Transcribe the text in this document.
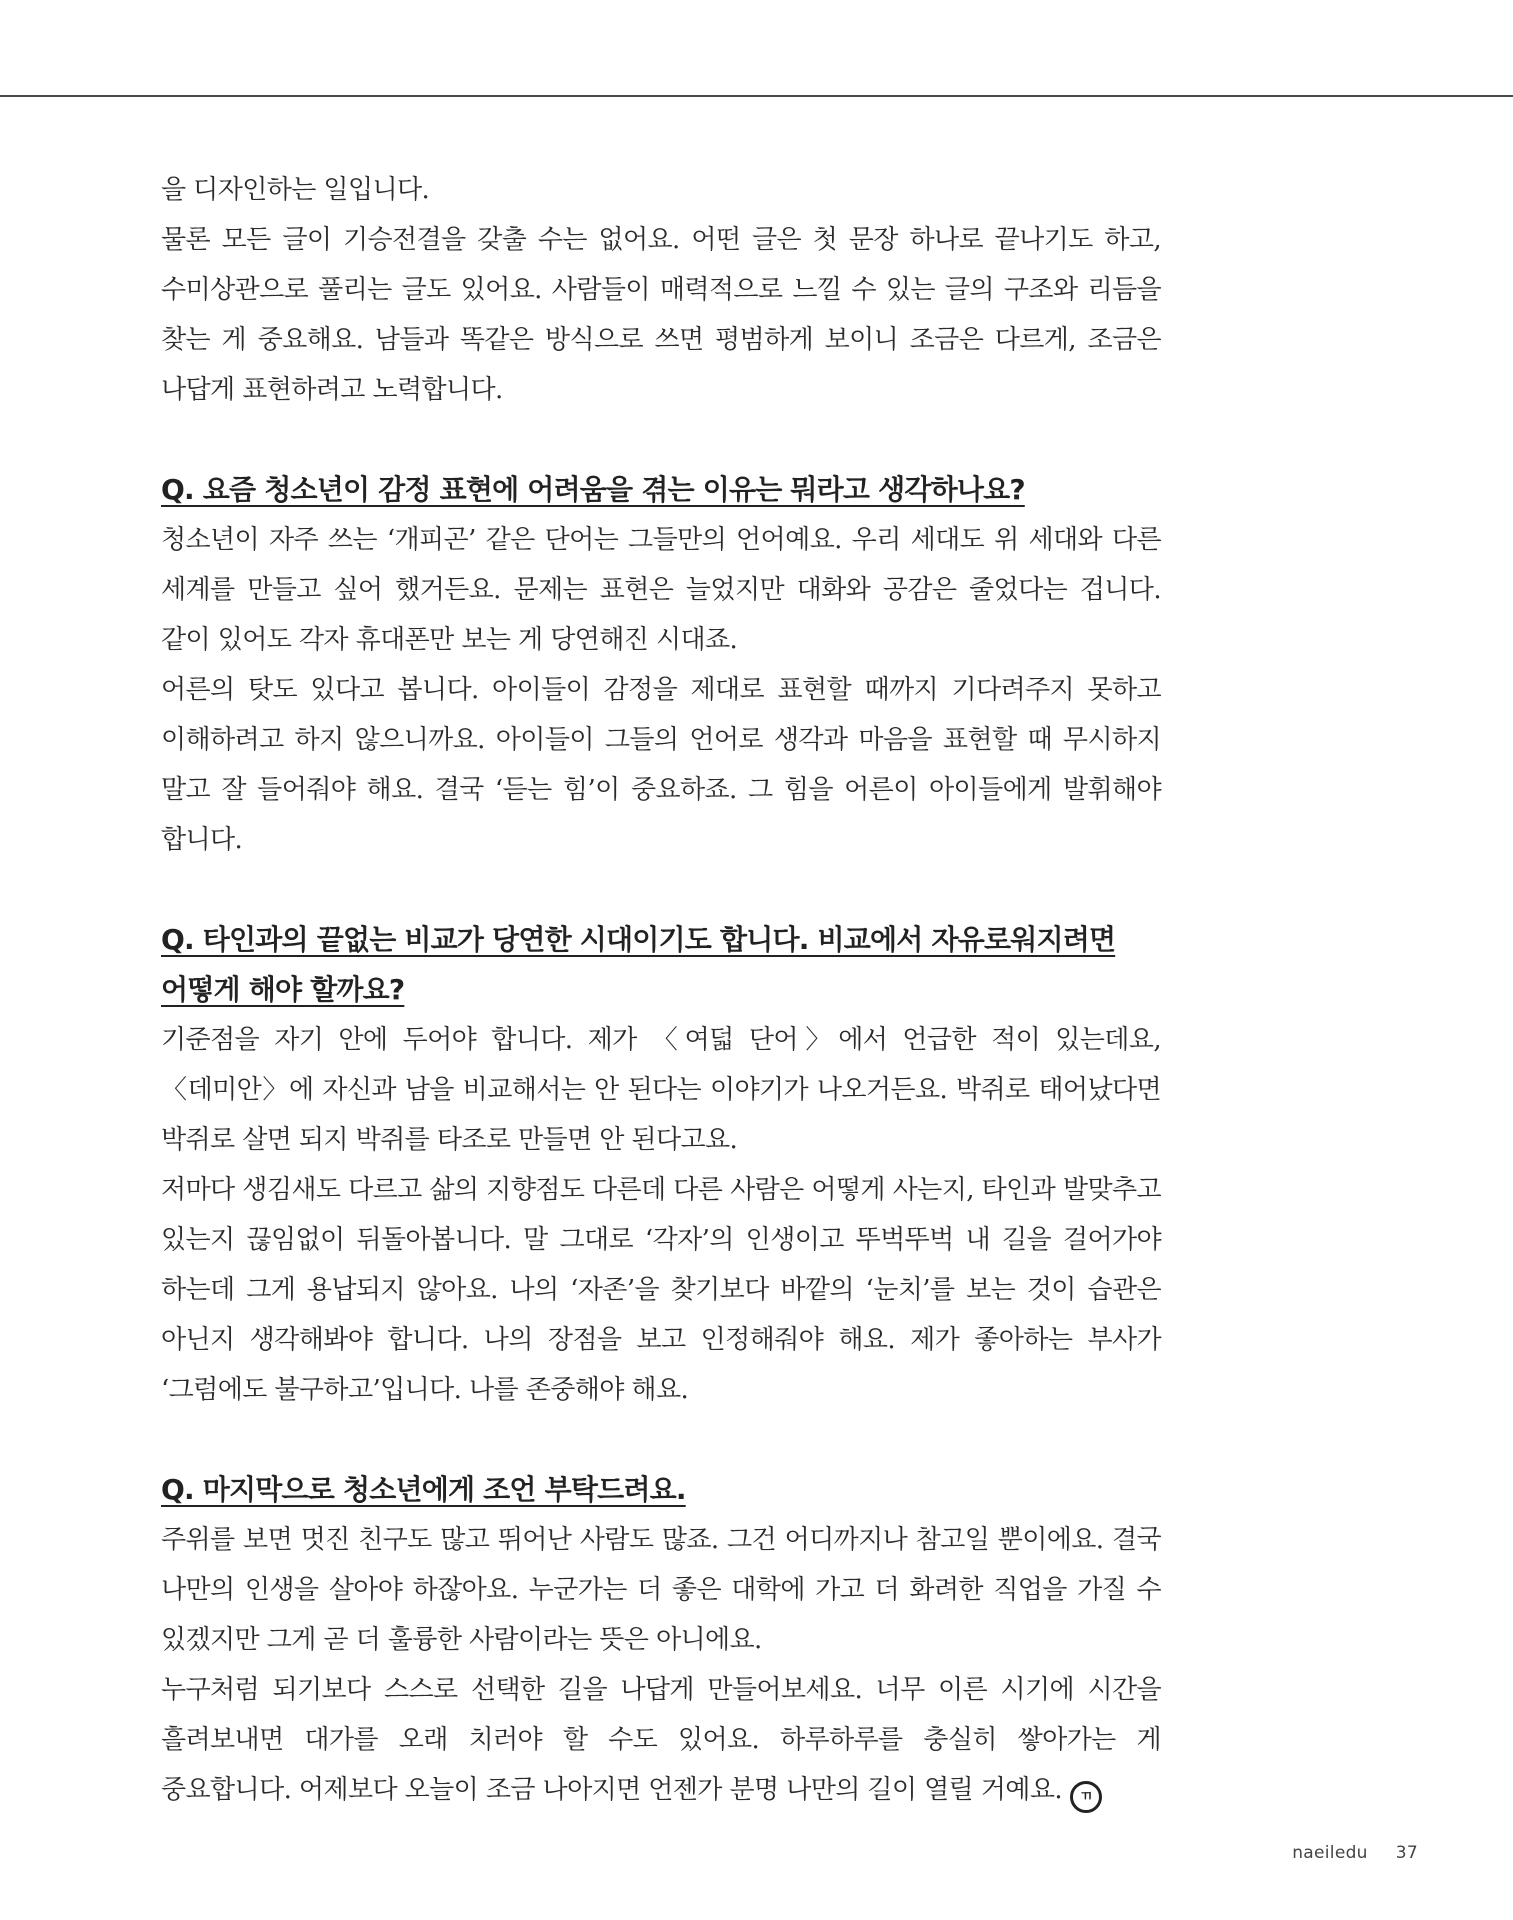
을 디자인하는 일입니다.

물론 모든 글이 기승전결을 갖출 수는 없어요. 어떤 글은 첫 문장 하나로 끝나기도 하고, 수미상관으로 풀리는 글도 있어요. 사람들이 매력적으로 느낄 수 있는 글의 구조와 리듬을 찾는 게 중요해요. 남들과 똑같은 방식으로 쓰면 평범하게 보이니 조금은 다르게, 조금은 나답게 표현하려고 노력합니다.

Q. 요즘 청소년이 감정 표현에 어려움을 겪는 이유는 뭐라고 생각하나요?

청소년이 자주 쓰는 ‘개피곤’ 같은 단어는 그들만의 언어예요. 우리 세대도 위 세대와 다른 세계를 만들고 싶어 했거든요. 문제는 표현은 늘었지만 대화와 공감은 줄었다는 겁니다. 같이 있어도 각자 휴대폰만 보는 게 당연해진 시대죠.

어른의 탓도 있다고 봅니다. 아이들이 감정을 제대로 표현할 때까지 기다려주지 못하고 이해하려고 하지 않으니까요. 아이들이 그들의 언어로 생각과 마음을 표현할 때 무시하지 말고 잘 들어줘야 해요. 결국 ‘듣는 힘’이 중요하죠. 그 힘을 어른이 아이들에게 발휘해야 합니다.

Q. 타인과의 끝없는 비교가 당연한 시대이기도 합니다. 비교에서 자유로워지려면 어떻게 해야 할까요?

기준점을 자기 안에 두어야 합니다. 제가 〈여덟 단어〉에서 언급한 적이 있는데요, 〈데미안〉에 자신과 남을 비교해서는 안 된다는 이야기가 나오거든요. 박쥐로 태어났다면 박쥐로 살면 되지 박쥐를 타조로 만들면 안 된다고요.

저마다 생김새도 다르고 삶의 지향점도 다른데 다른 사람은 어떻게 사는지, 타인과 발맞추고 있는지 끊임없이 뒤돌아봅니다. 말 그대로 ‘각자’의 인생이고 뚜벅뚜벅 내 길을 걸어가야 하는데 그게 용납되지 않아요. 나의 ‘자존’을 찾기보다 바깥의 ‘눈치’를 보는 것이 습관은 아닌지 생각해봐야 합니다. 나의 장점을 보고 인정해줘야 해요. 제가 좋아하는 부사가 ‘그럼에도 불구하고’입니다. 나를 존중해야 해요.

Q. 마지막으로 청소년에게 조언 부탁드려요.

주위를 보면 멋진 친구도 많고 뛰어난 사람도 많죠. 그건 어디까지나 참고일 뿐이에요. 결국 나만의 인생을 살아야 하잖아요. 누군가는 더 좋은 대학에 가고 더 화려한 직업을 가질 수 있겠지만 그게 곧 더 훌륭한 사람이라는 뜻은 아니에요.

누구처럼 되기보다 스스로 선택한 길을 나답게 만들어보세요. 너무 이른 시기에 시간을 흘려보내면 대가를 오래 치러야 할 수도 있어요. 하루하루를 충실히 쌓아가는 게 중요합니다. 어제보다 오늘이 조금 나아지면 언젠가 분명 나만의 길이 열릴 거예요. ㄲ

naeiledu 37
